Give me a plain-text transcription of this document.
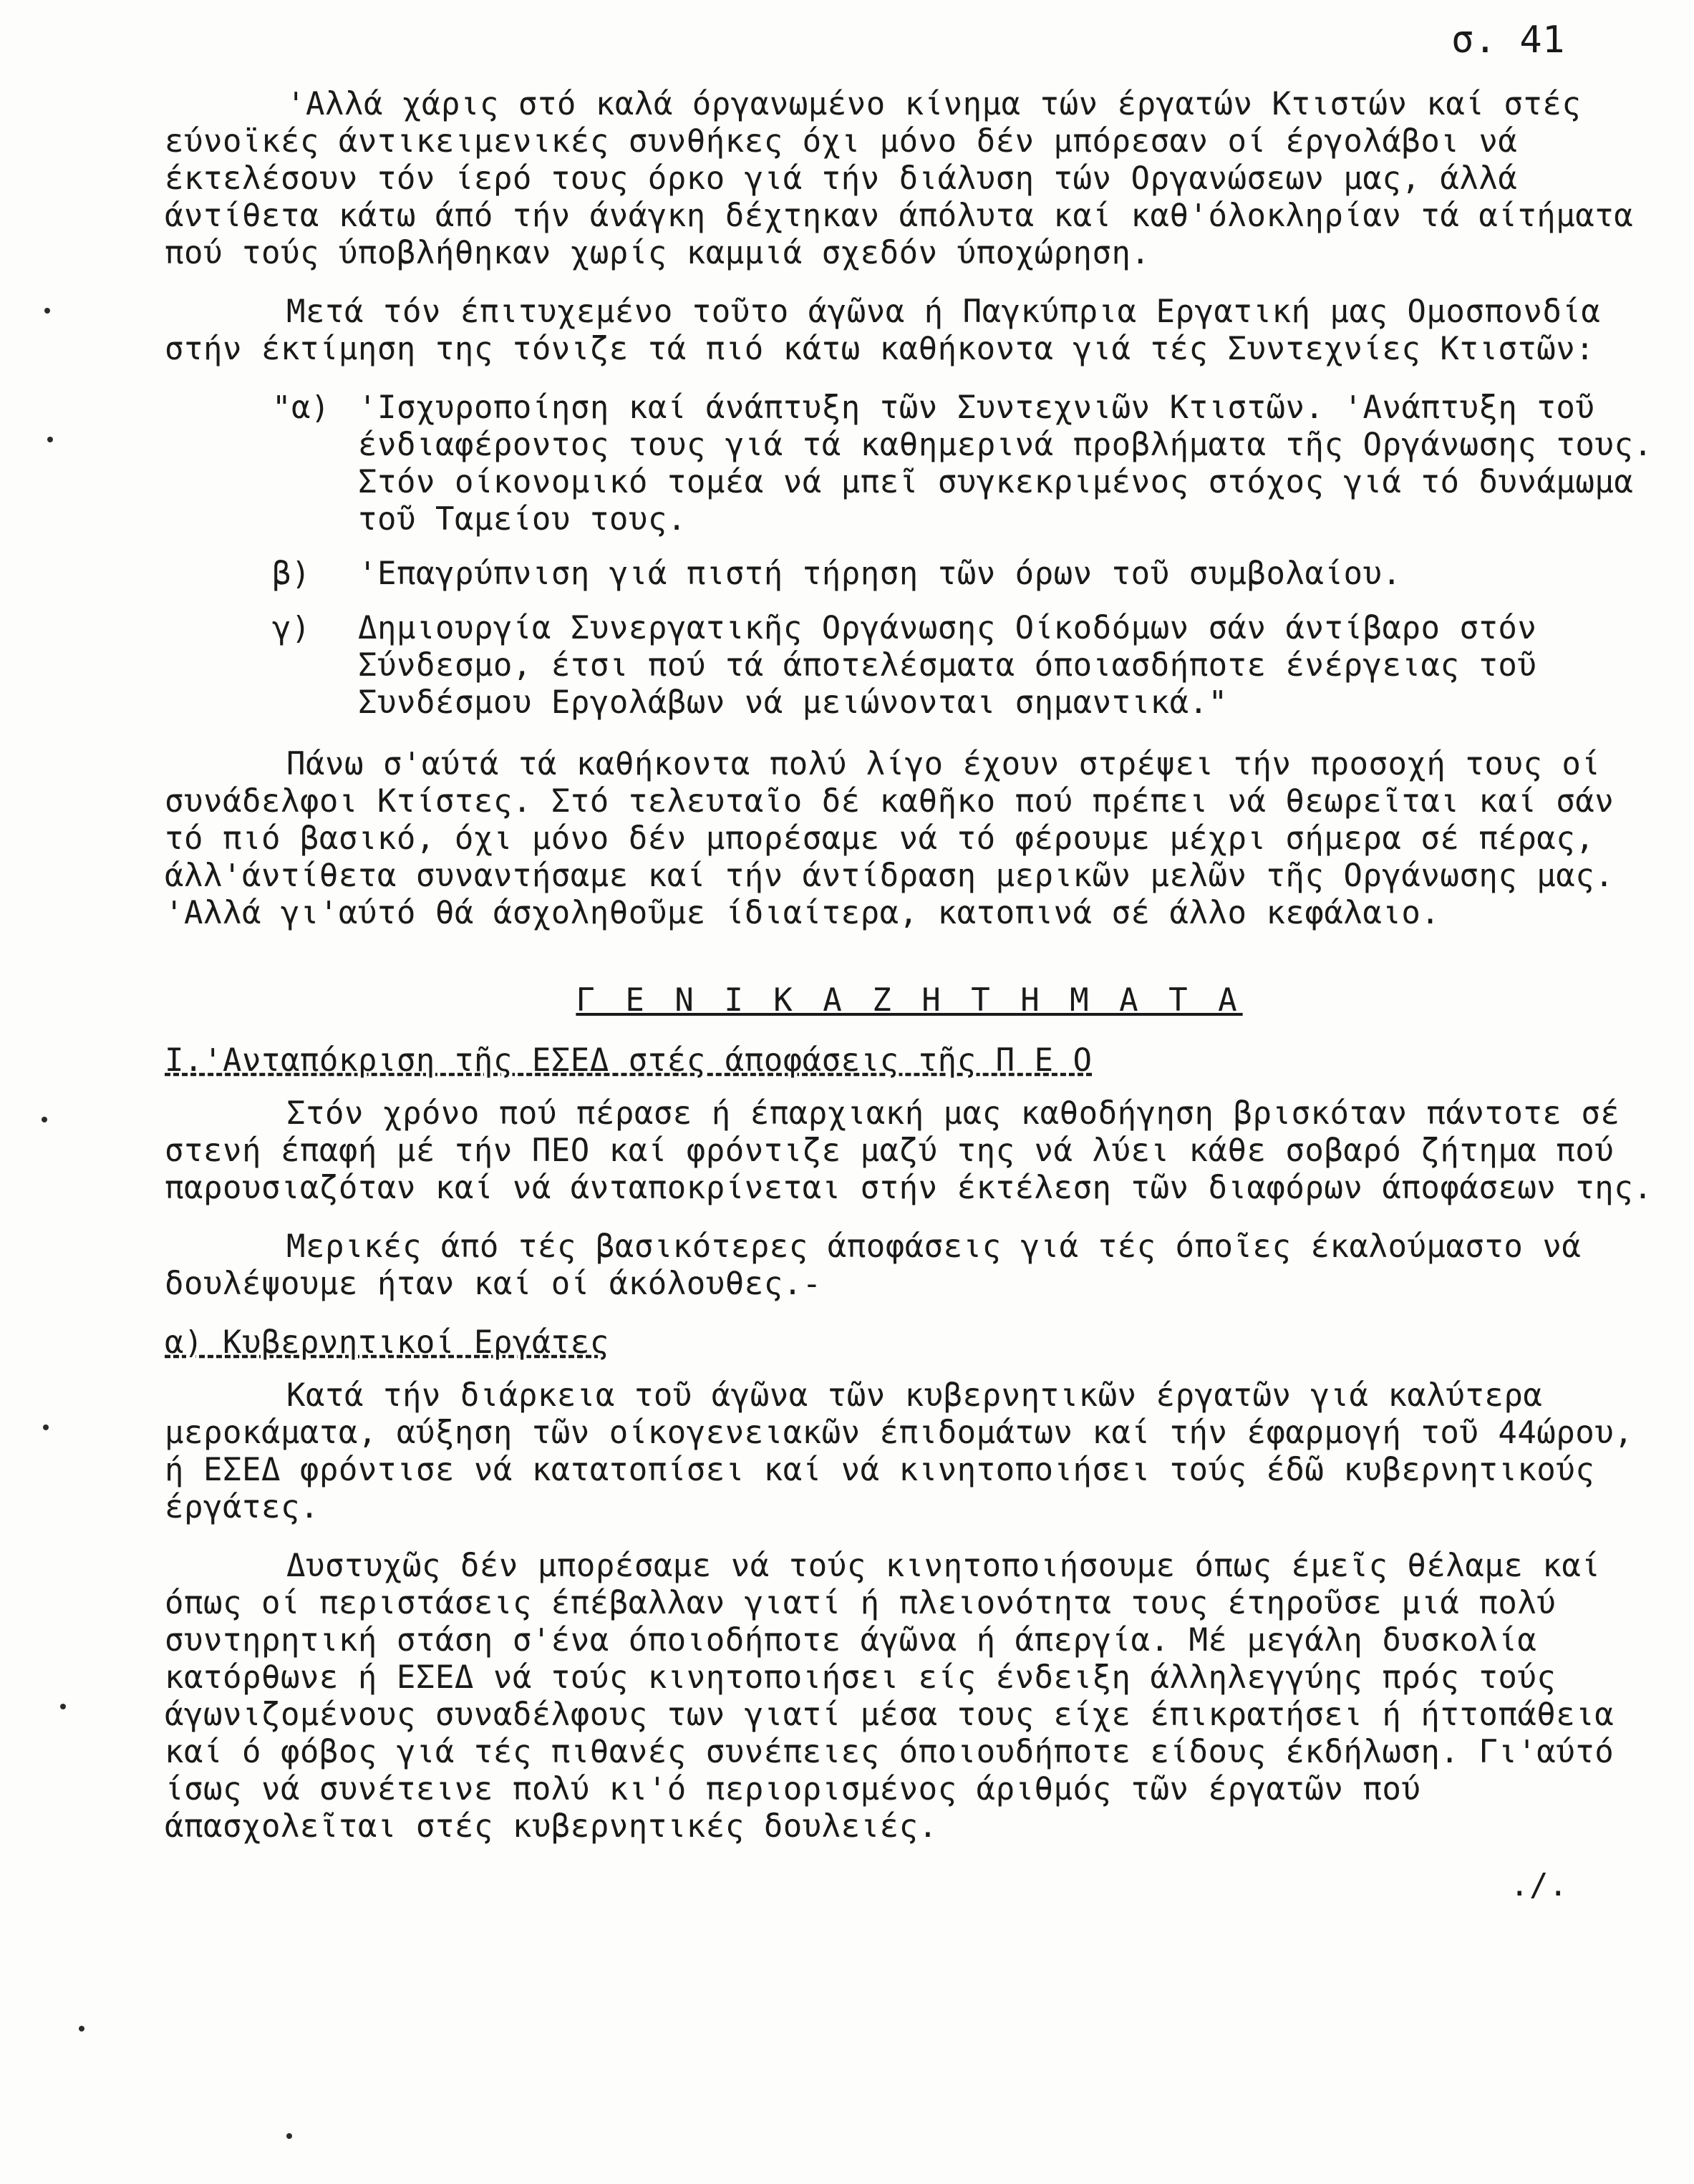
σ. 41

'Αλλά χάρις στό καλά όργανωμένο κίνημα τών έργατών Κτιστών καί στές εύνοϊκές άντικειμενικές συνθήκες όχι μόνο δέν μπόρεσαν οί έργολάβοι νά έκτελέσουν τόν ίερό τους όρκο γιά τήν διάλυση τών Οργανώσεων μας, άλλά άντίθετα κάτω άπό τήν άνάγκη δέχτηκαν άπόλυτα καί καθ'όλοκληρίαν τά αίτήματα πού τούς ύποβλήθηκαν χωρίς καμμιά σχεδόν ύποχώρηση.

Μετά τόν έπιτυχεμένο τοῦτο άγῶνα ή Παγκύπρια Εργατική μας Ομοσπονδία στήν έκτίμηση της τόνιζε τά πιό κάτω καθήκοντα γιά τές Συντεχνίες Κτιστῶν:

"α) 'Ισχυροποίηση καί άνάπτυξη τῶν Συντεχνιῶν Κτιστῶν. 'Ανάπτυξη τοῦ ένδιαφέροντος τους γιά τά καθημερινά προβλήματα τῆς Οργάνωσης τους. Στόν οίκονομικό τομέα νά μπεῖ συγκεκριμένος στόχος γιά τό δυνάμωμα τοῦ Ταμείου τους.
β)	'Επαγρύπνιση γιά πιστή τήρηση τῶν όρων τοῦ συμβολαίου.
γ)	Δημιουργία Συνεργατικῆς Οργάνωσης Οίκοδόμων σάν άντίβαρο στόν Σύνδεσμο, έτσι πού τά άποτελέσματα όποιασδήποτε ένέργειας τοῦ Συνδέσμου Εργολάβων νά μειώνονται σημαντικά."

Πάνω σ'αύτά τά καθήκοντα πολύ λίγο έχουν στρέψει τήν προσοχή τους οί συνάδελφοι Κτίστες. Στό τελευταῖο δέ καθῆκο πού πρέπει νά θεωρεῖται καί σάν τό πιό βασικό, όχι μόνο δέν μπορέσαμε νά τό φέρουμε μέχρι σήμερα σέ πέρας, άλλ'άντίθετα συναντήσαμε καί τήν άντίδραση μερικῶν μελῶν τῆς Οργάνωσης μας. 'Αλλά γι'αύτό θά άσχοληθοῦμε ίδιαίτερα, κατοπινά σέ άλλο κεφάλαιο.

Γ Ε Ν Ι Κ Α Ζ Η Τ Η Μ Α Τ Α
Ι.'Ανταπόκριση τῆς ΕΣΕΔ στές άποφάσεις τῆς Π Ε Ο

Στόν χρόνο πού πέρασε ή έπαρχιακή μας καθοδήγηση βρισκόταν πάντοτε σέ στενή έπαφή μέ τήν ΠΕΟ καί φρόντιζε μαζύ της νά λύει κάθε σοβαρό ζήτημα πού παρουσιαζόταν καί νά άνταποκρίνεται στήν έκτέλεση τῶν διαφόρων άποφάσεων της.

Μερικές άπό τές βασικότερες άποφάσεις γιά τές όποῖες έκαλούμαστο νά δουλέψουμε ήταν καί οί άκόλουθες.-

α) Κυβερνητικοί Εργάτες

Κατά τήν διάρκεια τοῦ άγῶνα τῶν κυβερνητικῶν έργατῶν γιά καλύτερα μεροκάματα, αύξηση τῶν οίκογενειακῶν έπιδομάτων καί τήν έφαρμογή τοῦ 44ώρου, ή ΕΣΕΔ φρόντισε νά κατατοπίσει καί νά κινητοποιήσει τούς έδῶ κυβερνητικούς έργάτες.

Δυστυχῶς δέν μπορέσαμε νά τούς κινητοποιήσουμε όπως έμεῖς θέλαμε καί όπως οί περιστάσεις έπέβαλλαν γιατί ή πλειονότητα τους έτηροῦσε μιά πολύ συντηρητική στάση σ'ένα όποιοδήποτε άγῶνα ή άπεργία. Μέ μεγάλη δυσκολία κατόρθωνε ή ΕΣΕΔ νά τούς κινητοποιήσει είς ένδειξη άλληλεγγύης πρός τούς άγωνιζομένους συναδέλφους των γιατί μέσα τους είχε έπικρατήσει ή ήττοπάθεια καί ό φόβος γιά τές πιθανές συνέπειες όποιουδήποτε είδους έκδήλωση. Γι'αύτό ίσως νά συνέτεινε πολύ κι'ό περιορισμένος άριθμός τῶν έργατῶν πού άπασχολεῖται στές κυβερνητικές δουλειές.

./.
